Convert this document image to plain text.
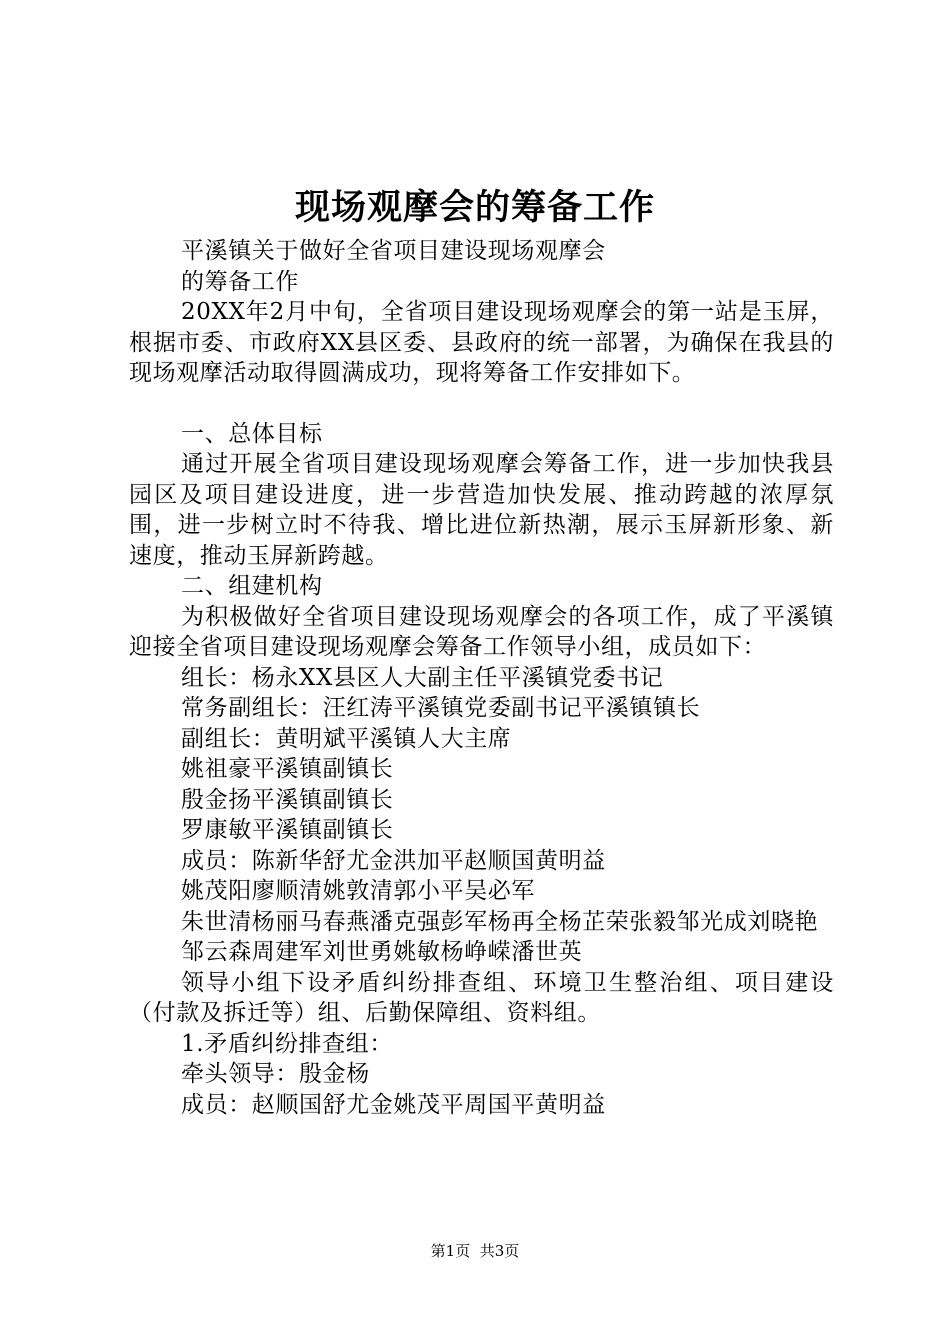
现场观摩会的筹备工作

平溪镇关于做好全省项目建设现场观摩会

的筹备工作

20XX年2月中旬，全省项目建设现场观摩会的第一站是玉屏，根据市委、市政府XX县区委、县政府的统一部署，为确保在我县的现场观摩活动取得圆满成功，现将筹备工作安排如下。

一、总体目标

通过开展全省项目建设现场观摩会筹备工作，进一步加快我县园区及项目建设进度，进一步营造加快发展、推动跨越的浓厚氛围，进一步树立时不待我、增比进位新热潮，展示玉屏新形象、新速度，推动玉屏新跨越。

二、组建机构

为积极做好全省项目建设现场观摩会的各项工作，成了平溪镇迎接全省项目建设现场观摩会筹备工作领导小组，成员如下：

组长：杨永XX县区人大副主任平溪镇党委书记

常务副组长：汪红涛平溪镇党委副书记平溪镇镇长

副组长：黄明斌平溪镇人大主席

姚祖豪平溪镇副镇长

殷金扬平溪镇副镇长

罗康敏平溪镇副镇长

成员：陈新华舒尤金洪加平赵顺国黄明益

姚茂阳廖顺清姚敦清郭小平吴必军

朱世清杨丽马春燕潘克强彭军杨再全杨芷荣张毅邹光成刘晓艳

邹云森周建军刘世勇姚敏杨峥嵘潘世英

领导小组下设矛盾纠纷排查组、环境卫生整治组、项目建设（付款及拆迁等）组、后勤保障组、资料组。

1.矛盾纠纷排查组：

牵头领导：殷金杨

成员：赵顺国舒尤金姚茂平周国平黄明益

第1页 共3页
